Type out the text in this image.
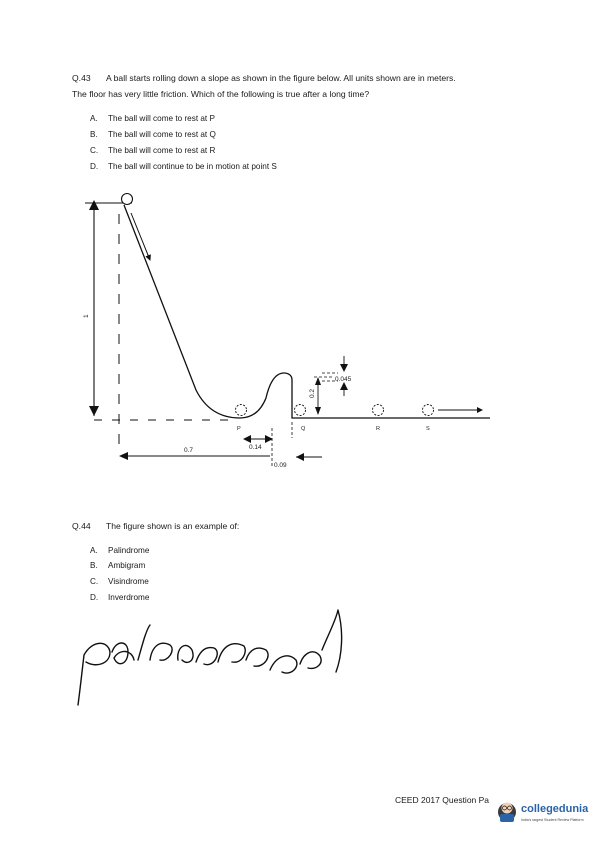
Q.43 A ball starts rolling down a slope as shown in the figure below. All units shown are in meters.
The floor has very little friction. Which of the following is true after a long time?
A. The ball will come to rest at P
B. The ball will come to rest at Q
C. The ball will come to rest at R
D. The ball will continue to be in motion at point S
1
P	Q	R	S
0.2
0.045
0.7	0.14
0.09
Q.44 The figure shown is an example of:
A. Palindrome
B. Ambigram
C. Visindrome
D. Inverdrome
CEED 2017 Question Pa
collegedunia
India's largest Student Review Platform
